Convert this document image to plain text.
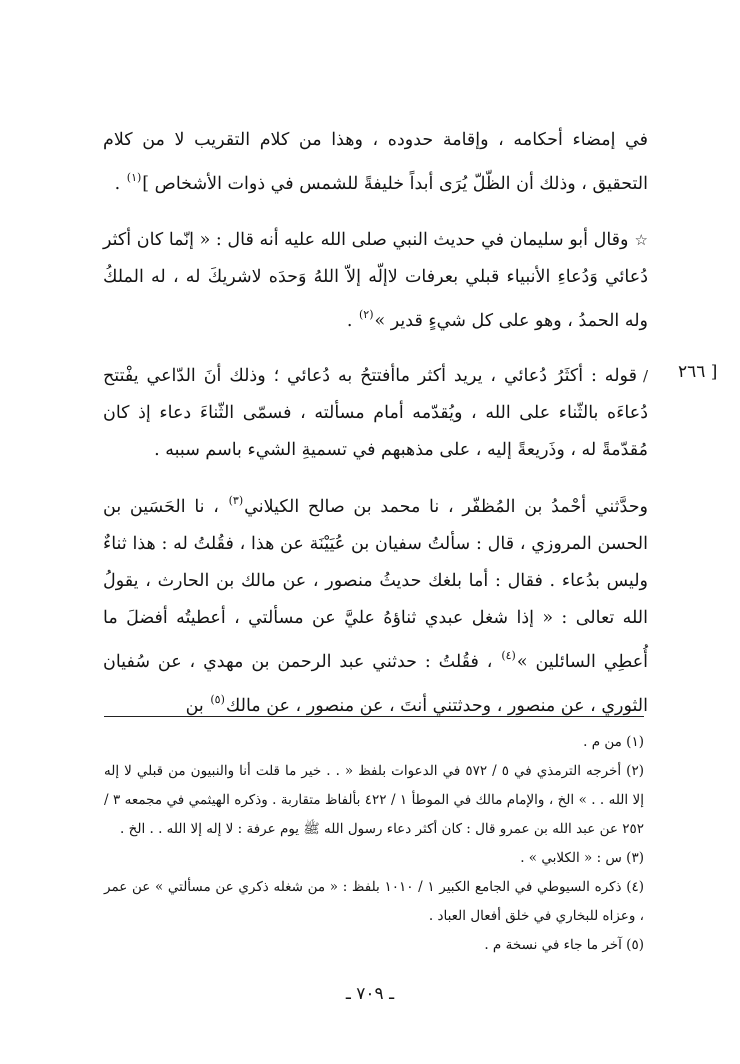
في إمضاء أحكامه ، وإقامة حدوده ، وهذا من كلام التقريب لا من كلام التحقيق ، وذلك أن الظّلّ يُرَى أبداً خليفةً للشمس في ذوات الأشخاص ]$^{(١)}$ .

☆وقال أبو سليمان في حديث النبي صلى الله عليه أنه قال : « إنّما كان أكثر دُعائي وَدُعاءِ الأنبياء قبلي بعرفات لاإلّه إلاّ اللهُ وَحدَه لاشريكَ له ، له الملكُ وله الحمدُ ، وهو على كل شيءٍ قدير »$^{(٢)}$ .

[ ٢٦٦

/قوله : أكثَرُ دُعائي ، يريد أكثر ماأفتتحُ به دُعائي ؛ وذلك أنَ الدّاعي يفْتتح دُعاءَه بالثّناء على الله ، ويُقدّمه أمام مسألته ، فسمّى الثّناءَ دعاء إذ كان مُقدّمةً له ، وذَريعةً إليه ، على مذهبهم في تسميةِ الشيء باسم سببه .

وحدَّثني أحْمدُ بن المُظفّر ، نا محمد بن صالح الكيلاني$^{(٣)}$ ، نا الحَسَين بن الحسن المروزي ، قال : سألتُ سفيان بن عُيَيْنَة عن هذا ، فقُلتُ له : هذا ثناءٌ وليس بدُعاء . فقال : أما بلغك حديثُ منصور ، عن مالك بن الحارث ، يقولُ الله تعالى : « إذا شغل عبدي ثناؤهُ عليَّ عن مسألتي ، أعطيتُه أفضلَ ما أُعطِي السائلين »$^{(٤)}$ ، فقُلتُ : حدثني عبد الرحمن بن مهدي ، عن سُفيان الثوري ، عن منصور ، وحدثتني أنتَ ، عن منصور ، عن مالك$^{(٥)}$ بن

(١) من م .

(٢) أخرجه الترمذي في ٥ / ٥٧٢ في الدعوات بلفظ « . . خير ما قلت أنا والنبيون من قبلي لا إله إلا الله . . » الخ ، والإمام مالك في الموطأ ١ / ٤٢٢ بألفاظ متقاربة . وذكره الهيثمي في مجمعه ٣ / ٢٥٢ عن عبد الله بن عمرو قال : كان أكثر دعاء رسول الله ﷺ يوم عرفة : لا إله إلا الله . . الخ .

(٣) س : « الكلابي » .

(٤) ذكره السيوطي في الجامع الكبير ١ / ١٠١٠ بلفظ : « من شغله ذكري عن مسألتي » عن عمر ، وعزاه للبخاري في خلق أفعال العباد .

(٥) آخر ما جاء في نسخة م .

ـ ٧٠٩ ـ
